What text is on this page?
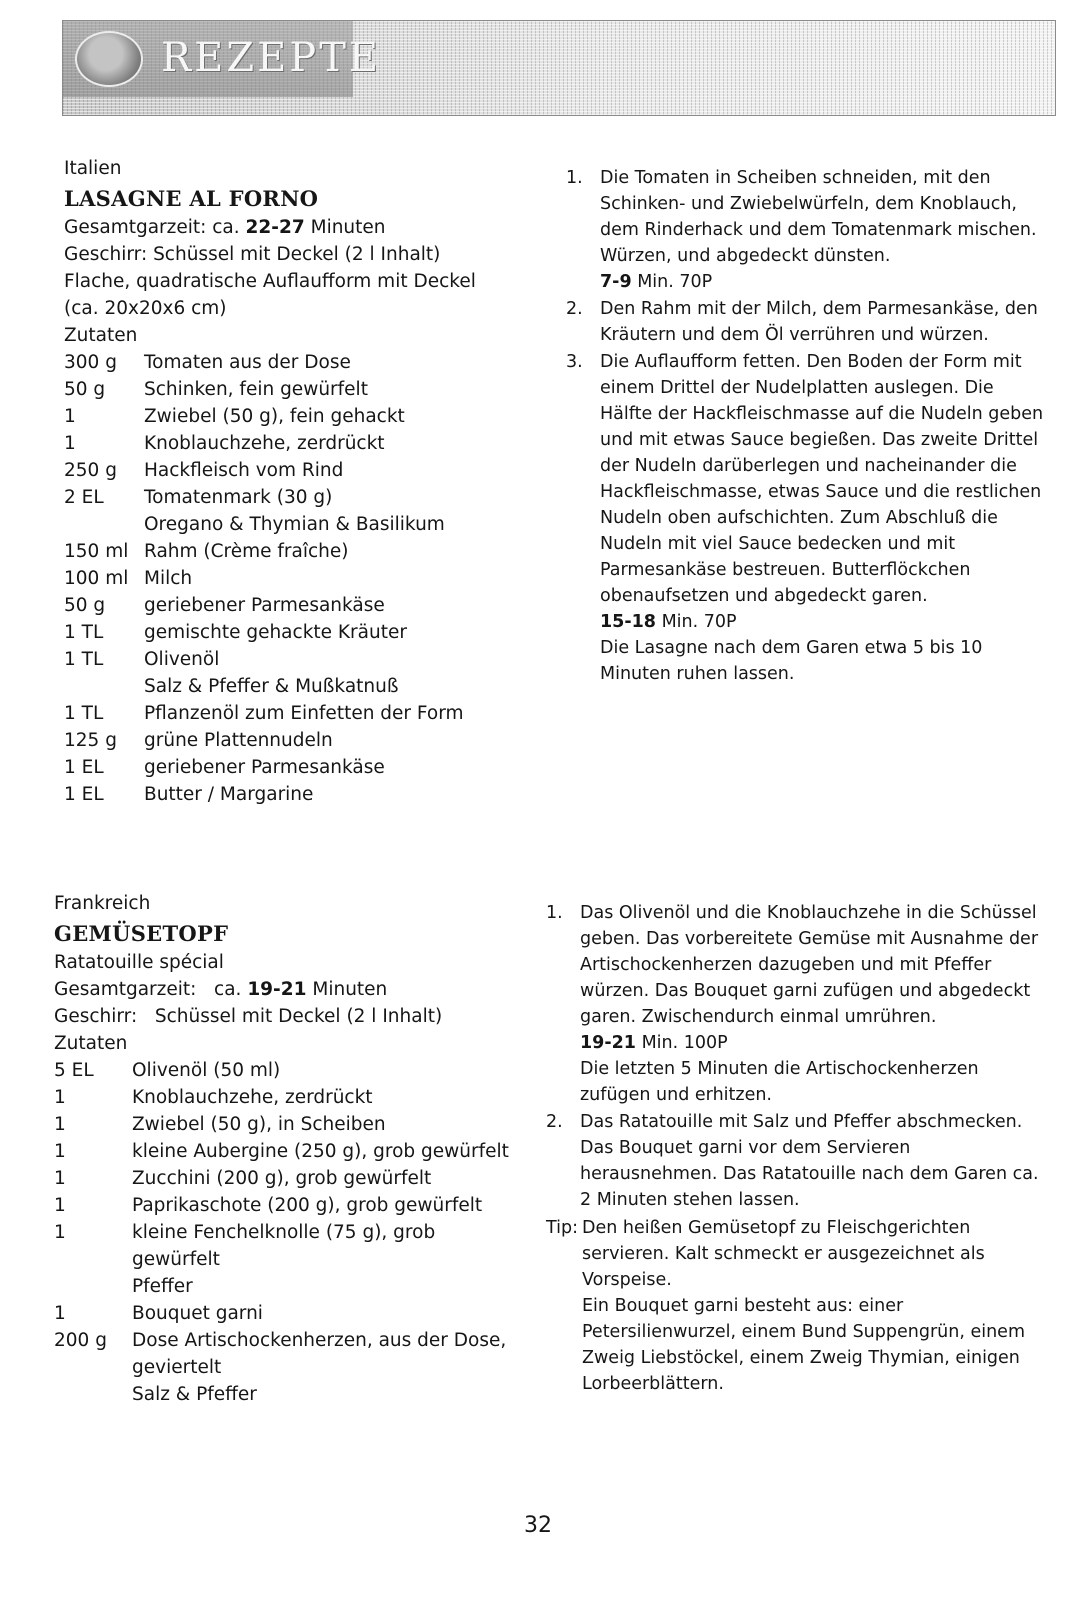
REZEPTE

Italien

LASAGNE AL FORNO

Gesamtgarzeit: ca. 22-27 Minuten

Geschirr: Schüssel mit Deckel (2 l Inhalt)

Flache, quadratische Auflaufform mit Deckel

(ca. 20x20x6 cm)

Zutaten

300 g Tomaten aus der Dose
50 g Schinken, fein gewürfelt
1	Zwiebel (50 g), fein gehackt
1	Knoblauchzehe, zerdrückt
250 g Hackfleisch vom Rind
2 EL Tomatenmark (30 g)
Oregano & Thymian & Basilikum
150 ml Rahm (Crème fraîche)
100 ml Milch
50 g geriebener Parmesankäse
1 TL gemischte gehackte Kräuter
1 TL Olivenöl
Salz & Pfeffer & Mußkatnuß
1 TL Pflanzenöl zum Einfetten der Form
125 g grüne Plattennudeln
1 EL geriebener Parmesankäse
1 EL Butter / Margarine
1. Die Tomaten in Scheiben schneiden, mit den Schinken- und Zwiebelwürfeln, dem Knoblauch, dem Rinderhack und dem Tomatenmark mischen. Würzen, und abgedeckt dünsten.

7-9 Min. 70P

2. Den Rahm mit der Milch, dem Parmesankäse, den Kräutern und dem Öl verrühren und würzen.
3. Die Auflaufform fetten. Den Boden der Form mit einem Drittel der Nudelplatten auslegen. Die Hälfte der Hackfleischmasse auf die Nudeln geben und mit etwas Sauce begießen. Das zweite Drittel der Nudeln darüberlegen und nacheinander die Hackfleischmasse, etwas Sauce und die restlichen Nudeln oben aufschichten. Zum Abschluß die Nudeln mit viel Sauce bedecken und mit Parmesankäse bestreuen. Butterflöckchen obenaufsetzen und abgedeckt garen.

15-18 Min. 70P

Die Lasagne nach dem Garen etwa 5 bis 10 Minuten ruhen lassen.

Frankreich

GEMÜSETOPF

Ratatouille spécial

Gesamtgarzeit: ca. 19-21 Minuten

Geschirr: Schüssel mit Deckel (2 l Inhalt)

Zutaten

5 EL Olivenöl (50 ml)
1	Knoblauchzehe, zerdrückt
1	Zwiebel (50 g), in Scheiben
1	kleine Aubergine (250 g), grob gewürfelt
1	Zucchini (200 g), grob gewürfelt
1	Paprikaschote (200 g), grob gewürfelt
1	kleine Fenchelknolle (75 g), grob gewürfelt
Pfeffer
1	Bouquet garni
200 g Dose Artischockenherzen, aus der Dose, geviertelt
Salz & Pfeffer
1. Das Olivenöl und die Knoblauchzehe in die Schüssel geben. Das vorbereitete Gemüse mit Ausnahme der Artischockenherzen dazugeben und mit Pfeffer würzen. Das Bouquet garni zufügen und abgedeckt garen. Zwischendurch einmal umrühren.

19-21 Min. 100P

Die letzten 5 Minuten die Artischockenherzen zufügen und erhitzen.

2. Das Ratatouille mit Salz und Pfeffer abschmecken. Das Bouquet garni vor dem Servieren herausnehmen. Das Ratatouille nach dem Garen ca. 2 Minuten stehen lassen.
Tip: Den heißen Gemüsetopf zu Fleischgerichten servieren. Kalt schmeckt er ausgezeichnet als Vorspeise.

Ein Bouquet garni besteht aus: einer Petersilienwurzel, einem Bund Suppengrün, einem Zweig Liebstöckel, einem Zweig Thymian, einigen Lorbeerblättern.

32
